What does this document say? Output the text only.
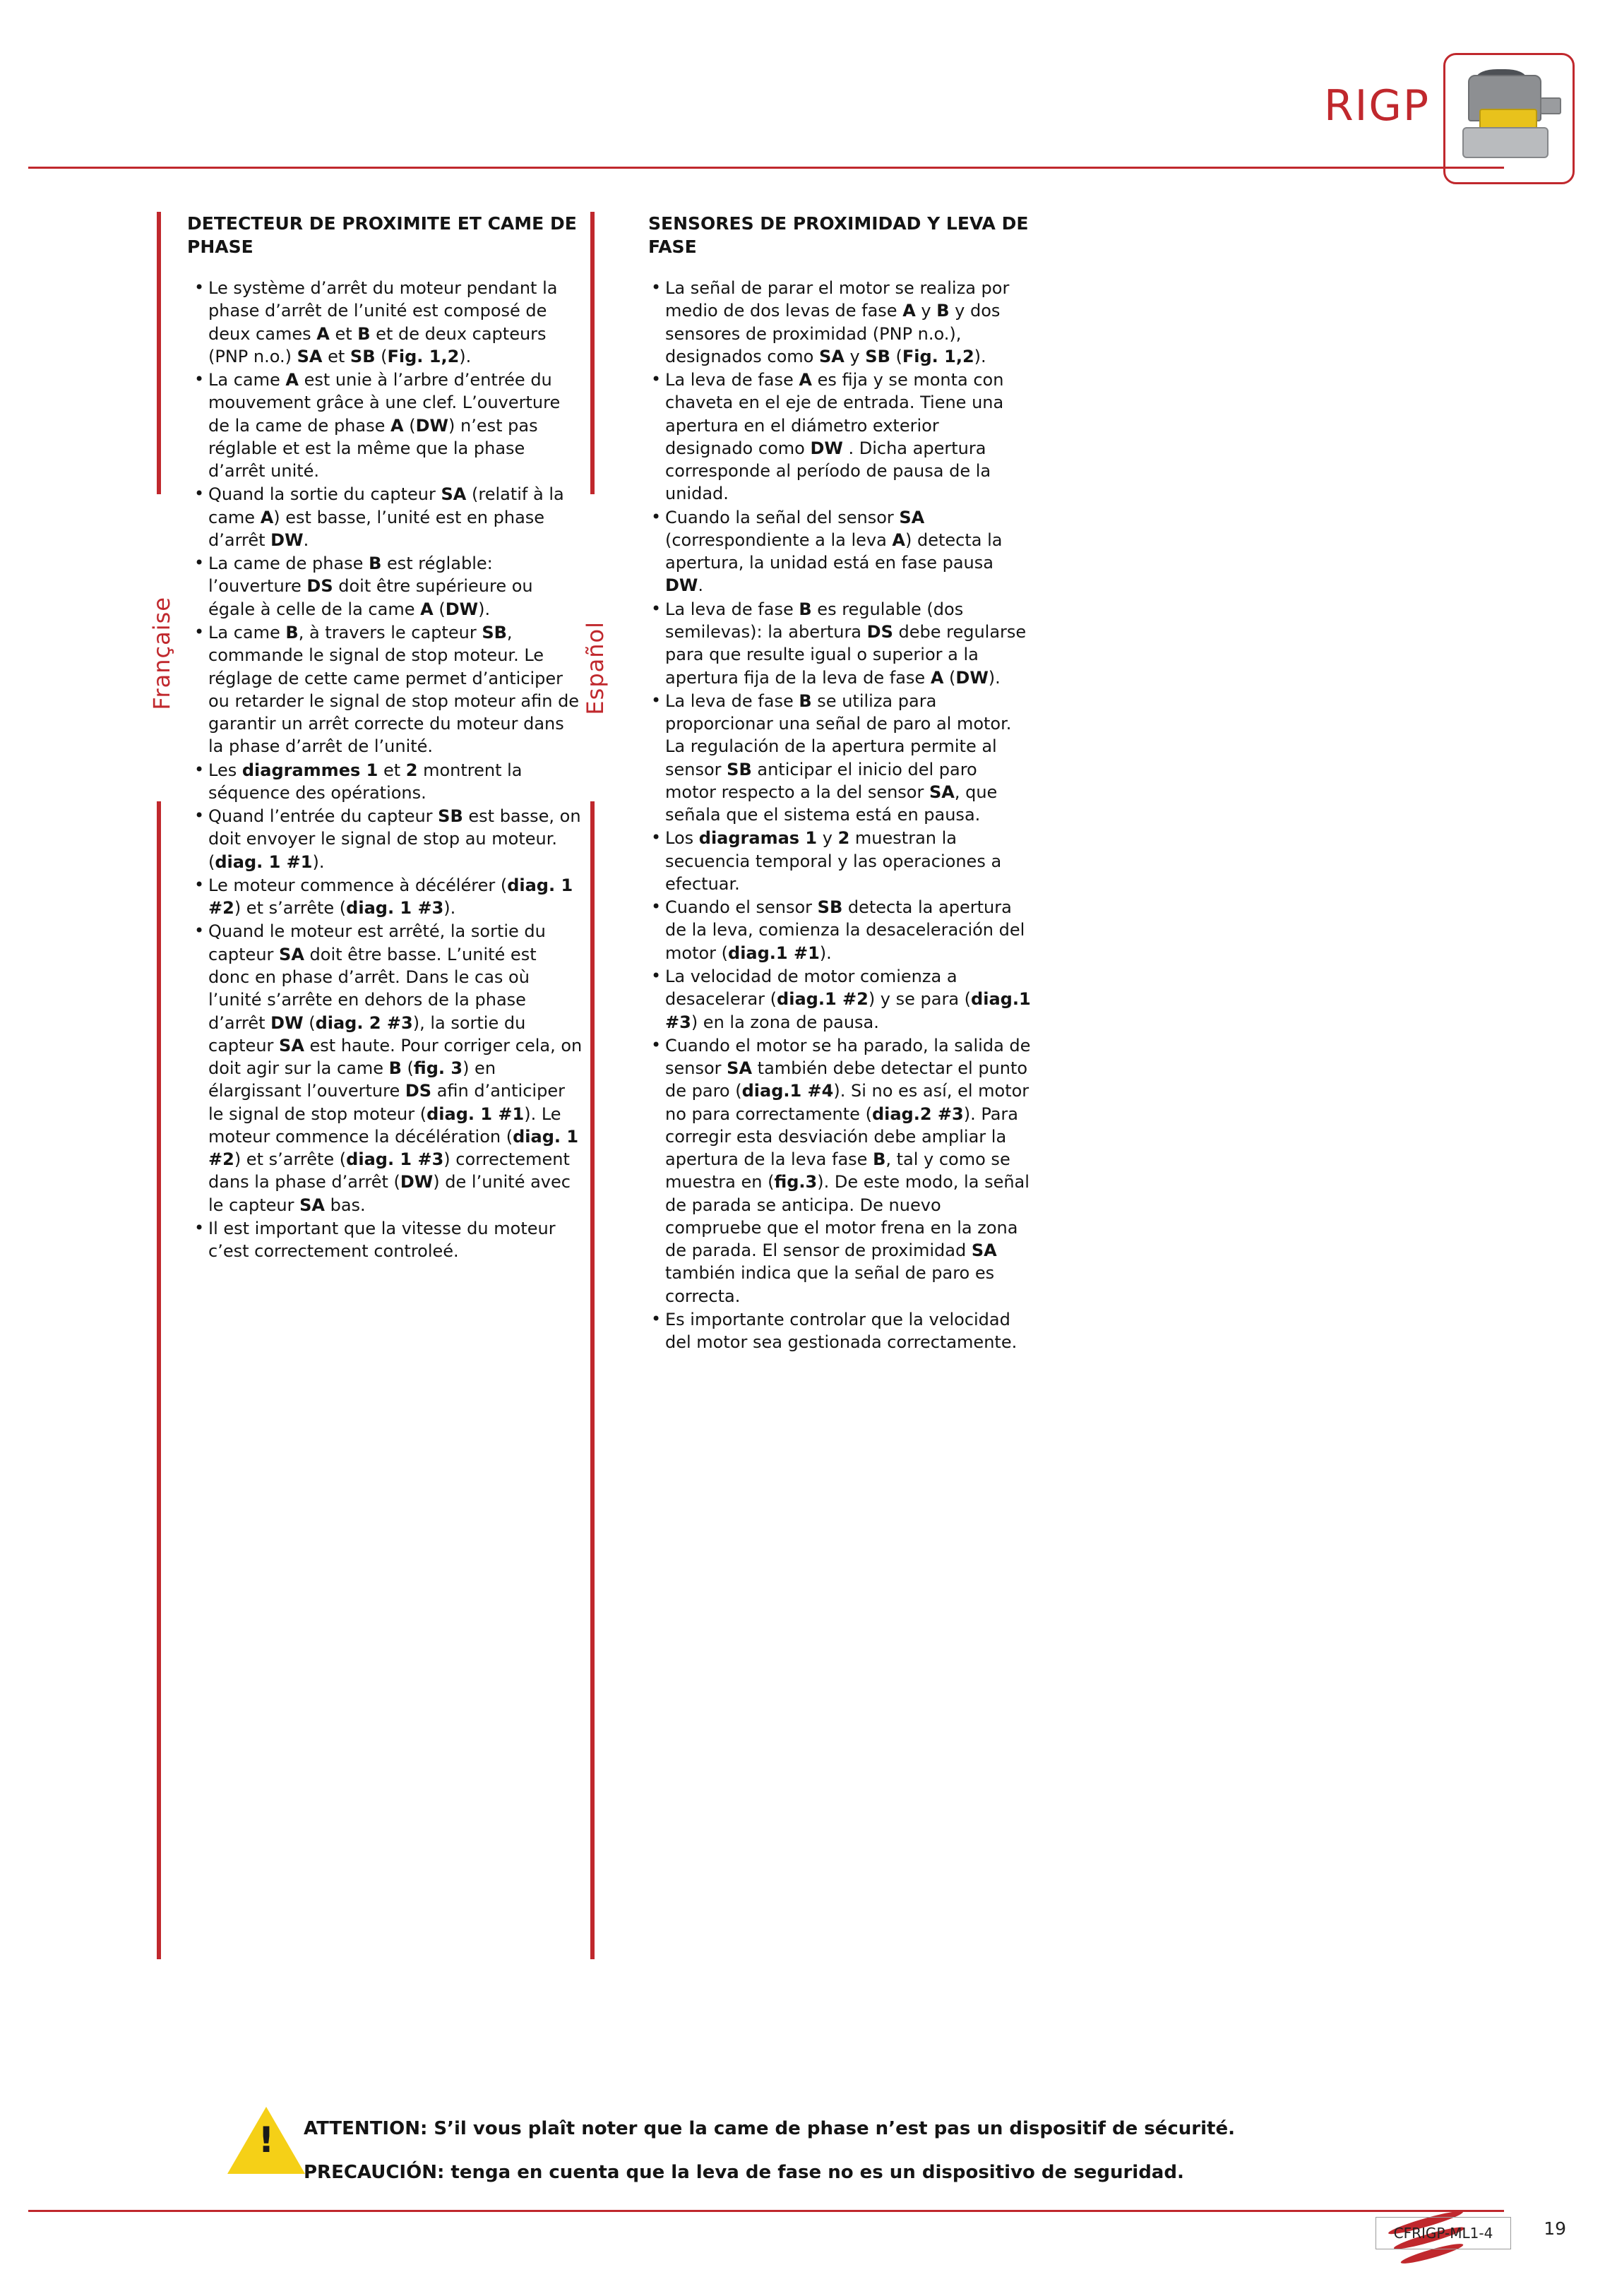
RIGP
Française	Español
DETECTEUR DE PROXIMITE ET CAME DE PHASE
• Le système d’arrêt du moteur pendant la phase d’arrêt de l’unité est composé de deux cames A et B et de deux capteurs (PNP n.o.) SA et SB (Fig. 1,2).
• La came A est unie à l’arbre d’entrée du mouvement grâce à une clef. L’ouverture de la came de phase A (DW) n’est pas réglable et est la même que la phase d’arrêt unité.
• Quand la sortie du capteur SA (relatif à la came A) est basse, l’unité est en phase d’arrêt DW.
• La came de phase B est réglable: l’ouverture DS doit être supérieure ou égale à celle de la came A (DW).
• La came B, à travers le capteur SB, commande le signal de stop moteur. Le réglage de cette came permet d’anticiper ou retarder le signal de stop moteur afin de garantir un arrêt correcte du moteur dans la phase d’arrêt de l’unité.
• Les diagrammes 1 et 2 montrent la séquence des opérations.
• Quand l’entrée du capteur SB est basse, on doit envoyer le signal de stop au moteur. (diag. 1 #1).
• Le moteur commence à décélérer (diag. 1 #2) et s’arrête (diag. 1 #3).
• Quand le moteur est arrêté, la sortie du capteur SA doit être basse. L’unité est donc en phase d’arrêt. Dans le cas où l’unité s’arrête en dehors de la phase d’arrêt DW (diag. 2 #3), la sortie du capteur SA est haute. Pour corriger cela, on doit agir sur la came B (fig. 3) en élargissant l’ouverture DS afin d’anticiper le signal de stop moteur (diag. 1 #1). Le moteur commence la décélération (diag. 1 #2) et s’arrête (diag. 1 #3) correctement dans la phase d’arrêt (DW) de l’unité avec le capteur SA bas.
• Il est important que la vitesse du moteur c’est correctement controleé.
SENSORES DE PROXIMIDAD Y LEVA DE FASE
• La señal de parar el motor se realiza por medio de dos levas de fase A y B y dos sensores de proximidad (PNP n.o.), designados como SA y SB (Fig. 1,2).
• La leva de fase A es fija y se monta con chaveta en el eje de entrada. Tiene una apertura en el diámetro exterior designado como DW . Dicha apertura corresponde al período de pausa de la unidad.
• Cuando la señal del sensor SA (correspondiente a la leva A) detecta la apertura, la unidad está en fase pausa DW.
• La leva de fase B es regulable (dos semilevas): la abertura DS debe regularse para que resulte igual o superior a la apertura fija de la leva de fase A (DW).
• La leva de fase B se utiliza para proporcionar una señal de paro al motor. La regulación de la apertura permite al sensor SB anticipar el inicio del paro motor respecto a la del sensor SA, que señala que el sistema está en pausa.
• Los diagramas 1 y 2 muestran la secuencia temporal y las operaciones a efectuar.
• Cuando el sensor SB detecta la apertura de la leva, comienza la desaceleración del motor (diag.1 #1).
• La velocidad de motor comienza a desacelerar (diag.1 #2) y se para (diag.1 #3) en la zona de pausa.
• Cuando el motor se ha parado, la salida de sensor SA también debe detectar el punto de paro (diag.1 #4). Si no es así, el motor no para correctamente (diag.2 #3). Para corregir esta desviación debe ampliar la apertura de la leva fase B, tal y como se muestra en (fig.3). De este modo, la señal de parada se anticipa. De nuevo compruebe que el motor frena en la zona de parada. El sensor de proximidad SA también indica que la señal de paro es correcta.
• Es importante controlar que la velocidad del motor sea gestionada correctamente.
!	ATTENTION: S’il vous plaît noter que la came de phase n’est pas un dispositif de sécurité.
PRECAUCIÓN: tenga en cuenta que la leva de fase no es un dispositivo de seguridad.
CFRIGP-ML1-4	19
